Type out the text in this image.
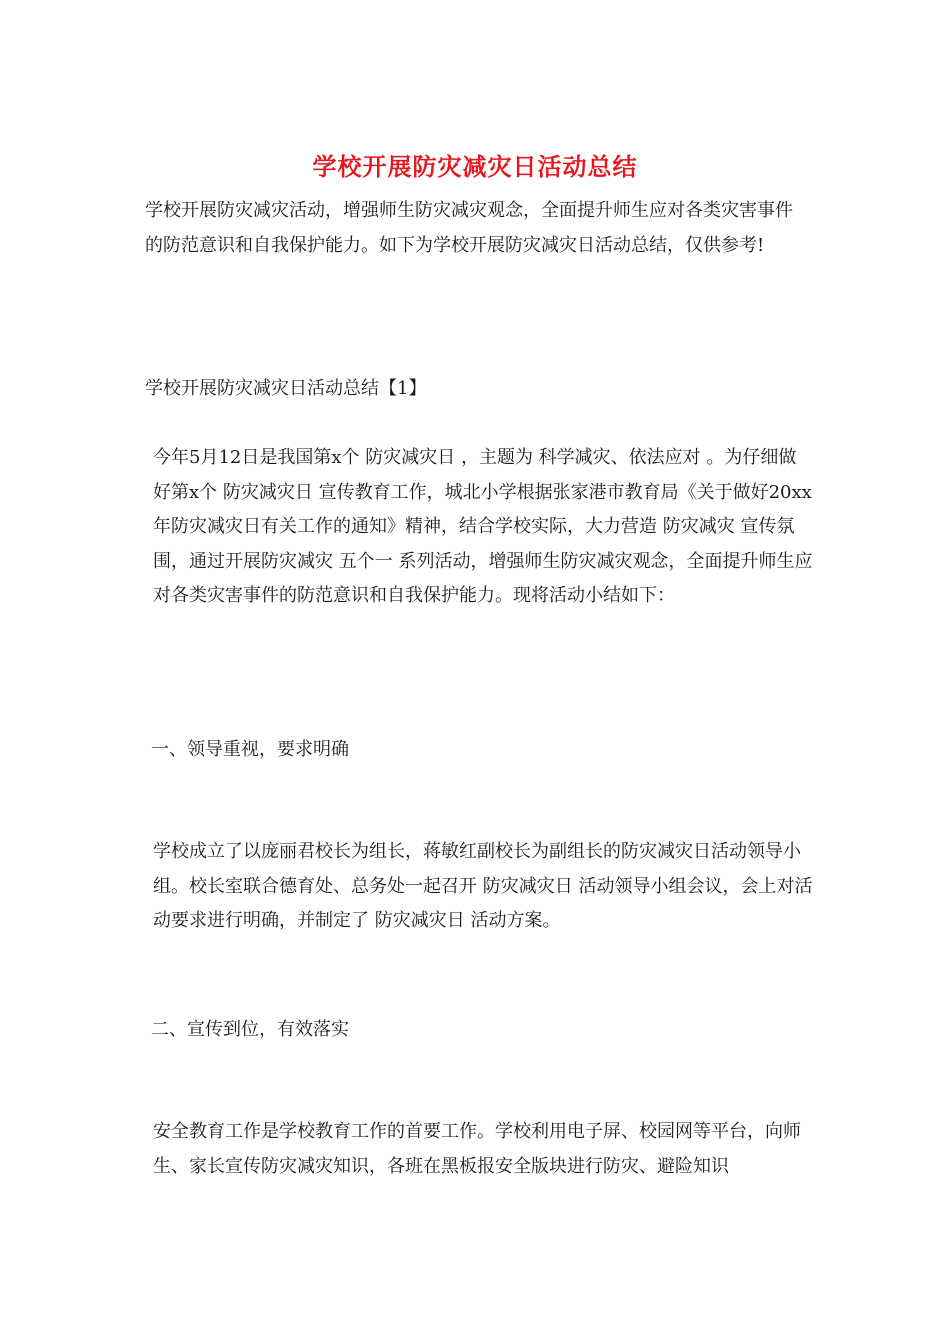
学校开展防灾减灾日活动总结

学校开展防灾减灾活动，增强师生防灾减灾观念，全面提升师生应对各类灾害事件的防范意识和自我保护能力。如下为学校开展防灾减灾日活动总结，仅供参考!

学校开展防灾减灾日活动总结【1】

今年5月12日是我国第x个 防灾减灾日 ，主题为 科学减灾、依法应对 。为仔细做好第x个 防灾减灾日 宣传教育工作，城北小学根据张家港市教育局《关于做好20xx年防灾减灾日有关工作的通知》精神，结合学校实际，大力营造 防灾减灾 宣传氛围，通过开展防灾减灾 五个一 系列活动，增强师生防灾减灾观念，全面提升师生应对各类灾害事件的防范意识和自我保护能力。现将活动小结如下：

一、领导重视，要求明确

学校成立了以庞丽君校长为组长，蒋敏红副校长为副组长的防灾减灾日活动领导小组。校长室联合德育处、总务处一起召开 防灾减灾日 活动领导小组会议，会上对活动要求进行明确，并制定了 防灾减灾日 活动方案。

二、宣传到位，有效落实

安全教育工作是学校教育工作的首要工作。学校利用电子屏、校园网等平台，向师生、家长宣传防灾减灾知识，各班在黑板报安全版块进行防灾、避险知识
